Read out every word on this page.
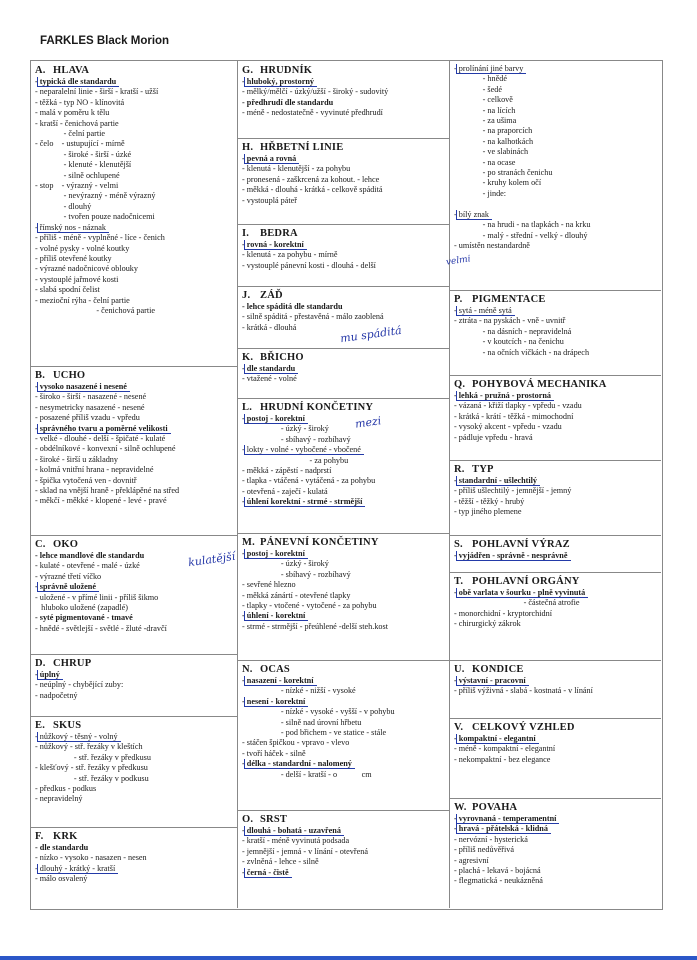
FARKLES Black Morion
A. HLAVA
- typická dle standardu
- neparalelní linie - širší - kratší - užší
- těžká - typ NO - klínovitá
- malá v poměru k tělu
- kratší - čenichová partie
- čelní partie
- čelo    - ustupující - mírně
- široké - širší - úzké
- klenuté - klenutější
- silně ochlupené
- stop    - výrazný - velmi
- nevýrazný - méně výrazný
- dlouhý
- tvořen pouze nadočnicemi
- římský nos - náznak
- příliš - méně - vyplněné - líce - čenich
- volné pysky - volné koutky
- příliš otevřené koutky
- výrazné nadočnicové oblouky
- vystouplé jařmové kosti
- slabá spodní čelist
- mezioční rýha - čelní partie
- čenichová partie
B. UCHO
- vysoko nasazené i nesené
- široko - širší - nasazené - nesené
- nesymetricky nasazené - nesené
- posazené příliš vzadu - vpředu
- správného tvaru a poměrné velikosti
- velké - dlouhé - delší - špičaté - kulaté
- obdélníkové - konvexní - silně ochlupené
- široké - širší u základny
- kolmá vnitřní hrana - nepravidelné
- špička vytočená ven - dovnitř
- sklad na vnější hraně - překlápěné na střed
- měkčí - měkké - klopené - levé - pravé
C. OKO
- lehce mandlové dle standardu
- kulaté - otevřené - malé - úzké
- výrazné třetí víčko
- správně uložené
- uložené - v přímé linii - příliš šikmo
hluboko uložené (zapadlé)
- syté pigmentované - tmavé
- hnědé - světlejší - světlé - žluté -dravčí
D. CHRUP
- úplný
- neúplný - chybějící zuby:
- nadpočetný
E. SKUS
- nůžkový - těsný - volný
- nůžkový - stř. řezáky v kleštích
- stř. řezáky v předkusu
- klešťový - stř. řezáky v předkusu
- stř. řezáky v podkusu
- předkus - podkus
- nepravidelný
F. KRK
- dle standardu
- nízko - vysoko - nasazen - nesen
- dlouhý - krátký - kratší
- málo osvalený
G. HRUDNÍK
- hluboký, prostorný
- mělký/mělčí - úzký/užší - široký - sudovitý
- předhrudí dle standardu
- méně - nedostatečně - vyvinuté předhrudí
H. HŘBETNÍ LINIE
- pevná a rovná
- klenutá - klenutější - za pohybu
- pronesená - zaškrcená za kohout. - lehce
- měkká - dlouhá - krátká - celkově spáditá
- vystouplá páteř
I. BEDRA
- rovná - korektní
- klenutá - za pohybu - mírně
- vystouplé pánevní kosti - dlouhá - delší
J. ZÁĎ
- lehce spáditá dle standardu
- silně spáditá - přestavěná - málo zaoblená
- krátká - dlouhá
K. BŘICHO
- dle standardu
- vtažené - volné
L. HRUDNÍ KONČETINY
- postoj - korektní
- úzký - široký
- sbíhavý - rozbíhavý
- lokty - volné - vybočené - vbočené
- za pohybu
- měkká - zápěstí - nadprstí
- tlapka - vtáčená - vytáčená - za pohybu
- otevřená - zaječí - kulatá
- úhlení korektní - strmé - strmější
M. PÁNEVNÍ KONČETINY
- postoj - korektní
- úzký - široký
- sbíhavý - rozbíhavý
- sevřené hlezno
- měkká zánártí - otevřené tlapky
- tlapky - vtočené - vytočené - za pohybu
- úhlení - korektní
- strmé - strmější - přeúhlené -delší steh.kost
N. OCAS
- nasazení - korektní
- nízké - nižší - vysoké
- nesení - korektní
- nízké - vysoké - vyšší - v pohybu
- silně nad úrovní hřbetu
- pod břichem - ve statice - stále
- stáčen špičkou - vpravo - vlevo
- tvoří háček - silně
- délka - standardní - nalomený
- delší - kratší - o            cm
O. SRST
- dlouhá - bohatá - uzavřená
- kratší - méně vyvinutá podsada
- jemnější - jemná - v línání - otevřená
- zvlněná - lehce - silně
- černá - čistě
- prolínání jiné barvy
- hnědé
- šedé
- celkově
- na lících
- za ušima
- na praporcích
- na kalhotkách
- ve slabinách
- na ocase
- po stranách čenichu
- kruhy kolem očí
- jinde:

- bílý znak
- na hrudi - na tlapkách - na krku
- malý - střední - velký - dlouhý
- umístěn nestandardně
P. PIGMENTACE
- sytá - méně sytá
- ztráta - na pyskách - vně - uvnitř
- na dásních - nepravidelná
- v koutcích - na čenichu
- na očních víčkách - na drápech
Q. POHYBOVÁ MECHANIKA
- lehká - pružná - prostorná
- vázaná - křiží tlapky - vpředu - vzadu
- krátká - krátí - těžká - mimochodní
- vysoký akcent - vpředu - vzadu
- pádluje vpředu - hravá
R. TYP
- standardní - ušlechtilý
- příliš ušlechtilý - jemnější - jemný
- těžší - těžký - hrubý
- typ jiného plemene
S. POHLAVNÍ VÝRAZ
- vyjádřen - správně - nesprávně
T. POHLAVNÍ ORGÁNY
- obě varlata v šourku - plně vyvinutá
- částečná atrofie
- monorchidní - kryptorchidní
- chirurgický zákrok
U. KONDICE
- výstavní - pracovní
- příliš výživná - slabá - kostnatá - v línání
V. CELKOVÝ VZHLED
- kompaktní - elegantní
- méně - kompaktní - elegantní
- nekompaktní - bez elegance
W. POVAHA
- vyrovnaná - temperamentní
- hravá - přátelská - klidná
- nervózní - hysterická
- příliš nedůvěřivá
- agresivní
- plachá - lekavá - bojácná
- flegmatická - neukázněná
kulatější
mu spáditá
mezi
velmi
